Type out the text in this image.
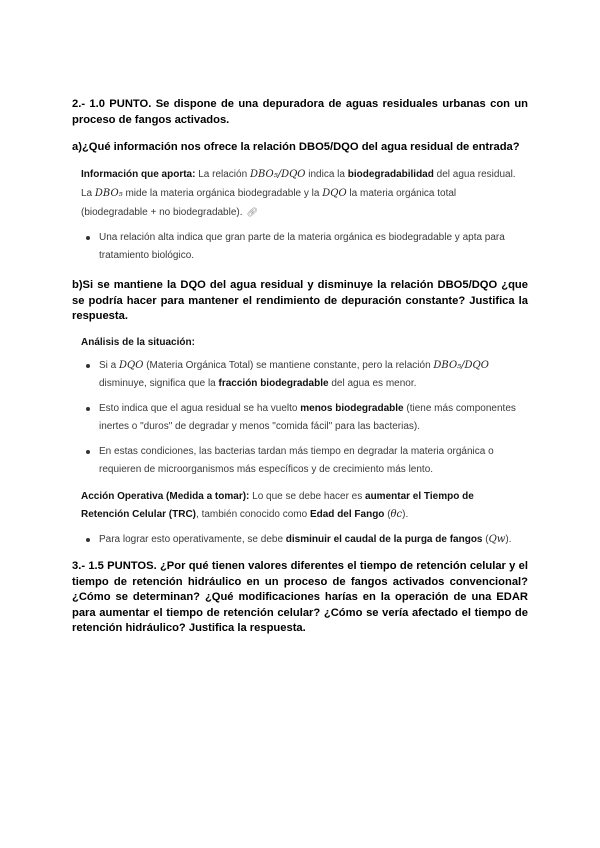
2.- 1.0 PUNTO. Se dispone de una depuradora de aguas residuales urbanas con un proceso de fangos activados.
a)¿Qué información nos ofrece la relación DBO5/DQO del agua residual de entrada?

Información que aporta: La relación DBO₅/DQO indica la biodegradabilidad del agua residual. La DBO₅ mide la materia orgánica biodegradable y la DQO la materia orgánica total (biodegradable + no biodegradable). 🔗︎

Una relación alta indica que gran parte de la materia orgánica es biodegradable y apta para tratamiento biológico.
b)Si se mantiene la DQO del agua residual y disminuye la relación DBO5/DQO ¿que se podría hacer para mantener el rendimiento de depuración constante? Justifica la respuesta.

Análisis de la situación:

Si a DQO (Materia Orgánica Total) se mantiene constante, pero la relación DBO₅/DQO disminuye, significa que la fracción biodegradable del agua es menor.
Esto indica que el agua residual se ha vuelto menos biodegradable (tiene más componentes inertes o "duros" de degradar y menos "comida fácil" para las bacterias).
En estas condiciones, las bacterias tardan más tiempo en degradar la materia orgánica o requieren de microorganismos más específicos y de crecimiento más lento.

Acción Operativa (Medida a tomar): Lo que se debe hacer es aumentar el Tiempo de Retención Celular (TRC), también conocido como Edad del Fango (θc).

Para lograr esto operativamente, se debe disminuir el caudal de la purga de fangos (Qw).
3.- 1.5 PUNTOS. ¿Por qué tienen valores diferentes el tiempo de retención celular y el tiempo de retención hidráulico en un proceso de fangos activados convencional? ¿Cómo se determinan? ¿Qué modificaciones harías en la operación de una EDAR para aumentar el tiempo de retención celular? ¿Cómo se vería afectado el tiempo de retención hidráulico? Justifica la respuesta.
